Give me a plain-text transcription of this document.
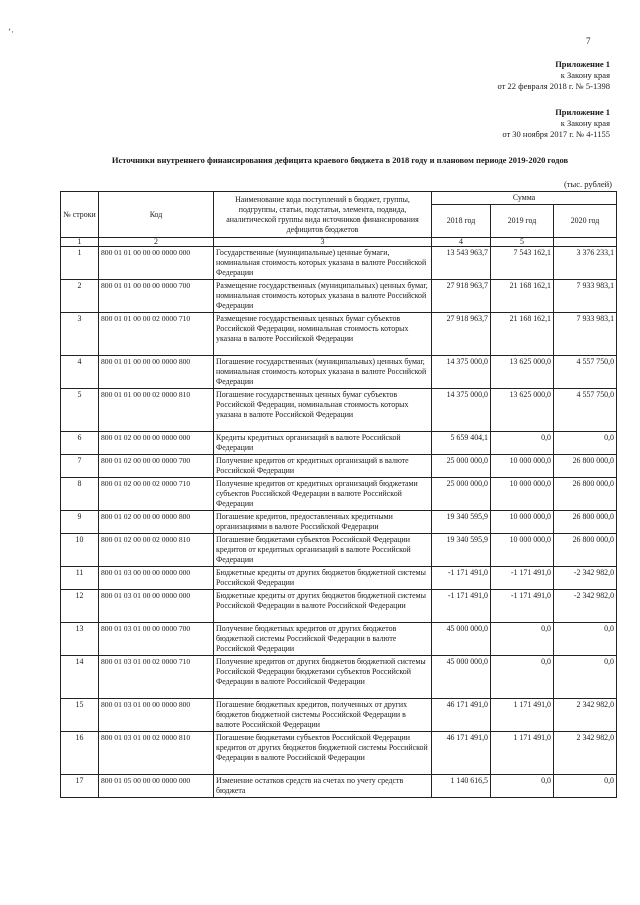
’·
7
Приложение 1
к Закону края
от 22 февраля 2018 г. № 5-1398
Приложение 1
к Закону края
от 30 ноября 2017 г. № 4-1155
Источники внутреннего финансирования дефицита краевого бюджета в 2018 году и плановом периоде 2019-2020 годов
(тыс. рублей)
№ строки	Код	Наименование кода поступлений в бюджет, группы, подгруппы, статьи, подстатьи, элемента, подвида, аналитической группы вида источников финансирования дефицитов бюджетов	Сумма		
			2018 год	2019 год	2020 год
1	2	3	4	5	
1	800 01 01 00 00 00 0000 000	Государственные (муниципальные) ценные бумаги, номинальная стоимость которых указана в валюте Российской Федерации	13 543 963,7	7 543 162,1	3 376 233,1
2	800 01 01 00 00 00 0000 700	Размещение государственных (муниципальных) ценных бумаг, номинальная стоимость которых указана в валюте Российской Федерации	27 918 963,7	21 168 162,1	7 933 983,1
3	800 01 01 00 00 02 0000 710	Размещение государственных ценных бумаг субъектов Российской Федерации, номинальная стоимость которых указана в валюте Российской Федерации	27 918 963,7	21 168 162,1	7 933 983,1
4	800 01 01 00 00 00 0000 800	Погашение государственных (муниципальных) ценных бумаг, номинальная стоимость которых указана в валюте Российской Федерации	14 375 000,0	13 625 000,0	4 557 750,0
5	800 01 01 00 00 02 0000 810	Погашение государственных ценных бумаг субъектов Российской Федерации, номинальная стоимость которых указана в валюте Российской Федерации	14 375 000,0	13 625 000,0	4 557 750,0
6	800 01 02 00 00 00 0000 000	Кредиты кредитных организаций в валюте Российской Федерации	5 659 404,1	0,0	0,0
7	800 01 02 00 00 00 0000 700	Получение кредитов от кредитных организаций в валюте Российской Федерации	25 000 000,0	10 000 000,0	26 800 000,0
8	800 01 02 00 00 02 0000 710	Получение кредитов от кредитных организаций бюджетами субъектов Российской Федерации в валюте Российской Федерации	25 000 000,0	10 000 000,0	26 800 000,0
9	800 01 02 00 00 00 0000 800	Погашение кредитов, предоставленных кредитными организациями в валюте Российской Федерации	19 340 595,9	10 000 000,0	26 800 000,0
10	800 01 02 00 00 02 0000 810	Погашение бюджетами субъектов Российской Федерации кредитов от кредитных организаций в валюте Российской Федерации	19 340 595,9	10 000 000,0	26 800 000,0
11	800 01 03 00 00 00 0000 000	Бюджетные кредиты от других бюджетов бюджетной системы Российской Федерации	-1 171 491,0	-1 171 491,0	-2 342 982,0
12	800 01 03 01 00 00 0000 000	Бюджетные кредиты от других бюджетов бюджетной системы Российской Федерации в валюте Российской Федерации	-1 171 491,0	-1 171 491,0	-2 342 982,0
13	800 01 03 01 00 00 0000 700	Получение бюджетных кредитов от других бюджетов бюджетной системы Российской Федерации в валюте Российской Федерации	45 000 000,0	0,0	0,0
14	800 01 03 01 00 02 0000 710	Получение кредитов от других бюджетов бюджетной системы Российской Федерации бюджетами субъектов Российской Федерации в валюте Российской Федерации	45 000 000,0	0,0	0,0
15	800 01 03 01 00 00 0000 800	Погашение бюджетных кредитов, полученных от других бюджетов бюджетной системы Российской Федерации в валюте Российской Федерации	46 171 491,0	1 171 491,0	2 342 982,0
16	800 01 03 01 00 02 0000 810	Погашение бюджетами субъектов Российской Федерации кредитов от других бюджетов бюджетной системы Российской Федерации в валюте Российской Федерации	46 171 491,0	1 171 491,0	2 342 982,0
17	800 01 05 00 00 00 0000 000	Изменение остатков средств на счетах по учету средств бюджета	1 140 616,5	0,0	0,0
